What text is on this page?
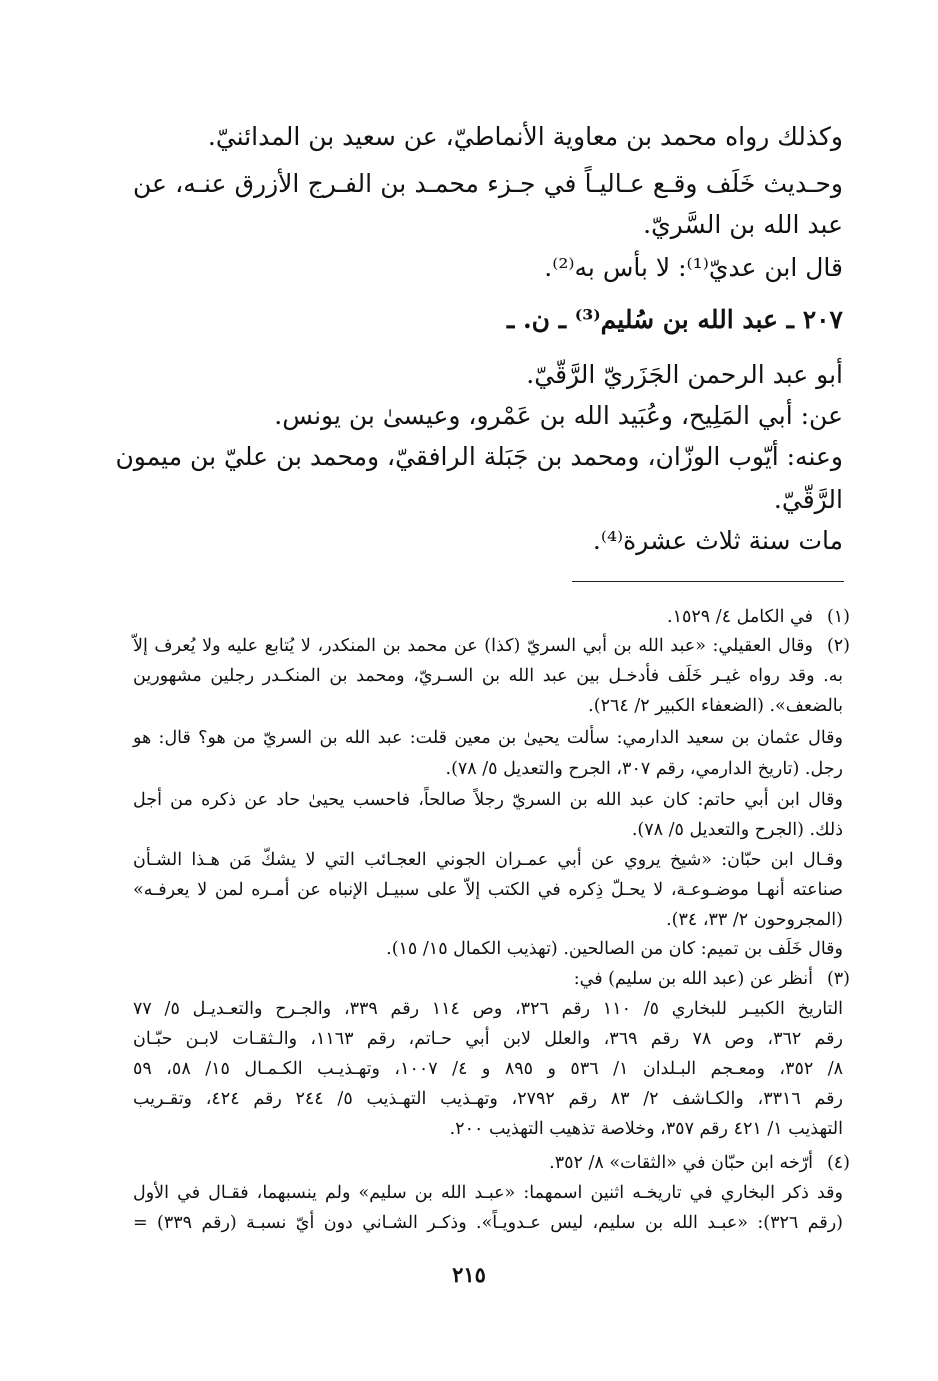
وكذلك رواه محمد بن معاوية الأنماطيّ، عن سعيد بن المدائنيّ.
وحـديث خَلَف وقـع عـاليـاً في جـزء محمـد بن الفـرج الأزرق عنـه، عن
عبد الله بن السَّريّ.
قال ابن عديّ⁽¹⁾: لا بأس به⁽²⁾.
٢٠٧ ـ عبد الله بن سُليم⁽³⁾ ـ ن. ـ
أبو عبد الرحمن الجَزَريّ الرَّقّيّ.
عن: أبي المَلِيح، وعُبَيد الله بن عَمْرو، وعيسىٰ بن يونس.
وعنه: أيّوب الوزّان، ومحمد بن جَبَلة الرافقيّ، ومحمد بن عليّ بن ميمون
الرَّقّيّ.
مات سنة ثلاث عشرة⁽⁴⁾.
(١)
في الكامل ٤/ ١٥٢٩.
(٢)
وقال العقيلي: «عبد الله بن أبي السريّ (كذا) عن محمد بن المنكدر، لا يُتابع عليه ولا يُعرف إلاّ
به. وقد رواه غيـر خَلَف فأدخـل بين عبد الله بن السـريّ، ومحمد بن المنكـدر رجلين مشهورين
بالضعف». (الضعفاء الكبير ٢/ ٢٦٤).
وقال عثمان بن سعيد الدارمي: سألت يحيىٰ بن معين قلت: عبد الله بن السريّ من هو؟ قال: هو
رجل. (تاريخ الدارمي، رقم ٣٠٧، الجرح والتعديل ٥/ ٧٨).
وقال ابن أبي حاتم: كان عبد الله بن السريّ رجلاً صالحاً، فاحسب يحيىٰ حاد عن ذكره من أجل
ذلك. (الجرح والتعديل ٥/ ٧٨).
وقـال ابن حبّان: «شيخ يروي عن أبي عمـران الجوني العجـائب التي لا يشكّ مَن هـذا الشـأن
صناعته أنهـا موضـوعـة، لا يحـلّ ذِكره في الكتب إلاّ على سبيـل الإنباه عن أمـره لمن لا يعرفـه»
(المجروحون ٢/ ٣٣، ٣٤).
وقال خَلَف بن تميم: كان من الصالحين. (تهذيب الكمال ١٥/ ١٥).
(٣)
أنظر عن (عبد الله بن سليم) في:
التاريخ الكبيـر للبخاري ٥/ ١١٠ رقم ٣٢٦، وص ١١٤ رقم ٣٣٩، والجـرح والتعـديـل ٥/ ٧٧
رقم ٣٦٢، وص ٧٨ رقم ٣٦٩، والعلل لابن أبي حـاتم، رقم ١١٦٣، والـثقـات لابـن حبّـان
٨/ ٣٥٢، ومعـجم البـلدان ١/ ٥٣٦ و ٨٩٥ و ٤/ ١٠٠٧، وتهـذيـب الكـمـال ١٥/ ٥٨، ٥٩
رقم ٣٣١٦، والكـاشف ٢/ ٨٣ رقم ٢٧٩٢، وتهـذيب التهـذيب ٥/ ٢٤٤ رقم ٤٢٤، وتقـريب
التهذيب ١/ ٤٢١ رقم ٣٥٧، وخلاصة تذهيب التهذيب ٢٠٠.
(٤)
أرّخه ابن حبّان في «الثقات» ٨/ ٣٥٢.
وقد ذكر البخاري في تاريخـه اثنين اسمهما: «عبـد الله بن سليم» ولم ينسبهما، فقـال في الأول
(رقم ٣٢٦): «عبـد الله بن سليم، ليس عـدويـاً». وذكـر الشـاني دون أيّ نسبـة (رقم ٣٣٩) =
٢١٥
